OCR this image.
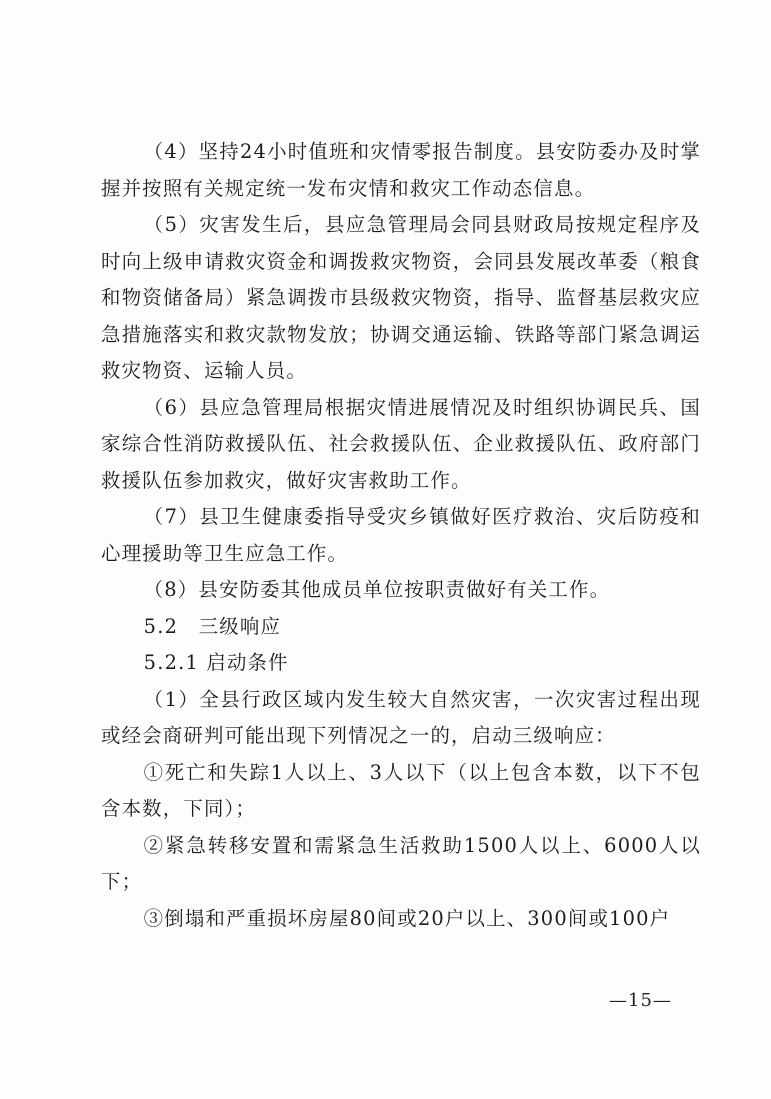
（4）坚持24小时值班和灾情零报告制度。县安防委办及时掌握并按照有关规定统一发布灾情和救灾工作动态信息。

（5）灾害发生后，县应急管理局会同县财政局按规定程序及时向上级申请救灾资金和调拨救灾物资，会同县发展改革委（粮食和物资储备局）紧急调拨市县级救灾物资，指导、监督基层救灾应急措施落实和救灾款物发放；协调交通运输、铁路等部门紧急调运救灾物资、运输人员。

（6）县应急管理局根据灾情进展情况及时组织协调民兵、国家综合性消防救援队伍、社会救援队伍、企业救援队伍、政府部门救援队伍参加救灾，做好灾害救助工作。

（7）县卫生健康委指导受灾乡镇做好医疗救治、灾后防疫和心理援助等卫生应急工作。

（8）县安防委其他成员单位按职责做好有关工作。

5.2　三级响应

5.2.1 启动条件

（1）全县行政区域内发生较大自然灾害，一次灾害过程出现或经会商研判可能出现下列情况之一的，启动三级响应：

①死亡和失踪1人以上、3人以下（以上包含本数，以下不包含本数，下同）；

②紧急转移安置和需紧急生活救助1500人以上、6000人以下；

③倒塌和严重损坏房屋80间或20户以上、300间或100户

—15—
